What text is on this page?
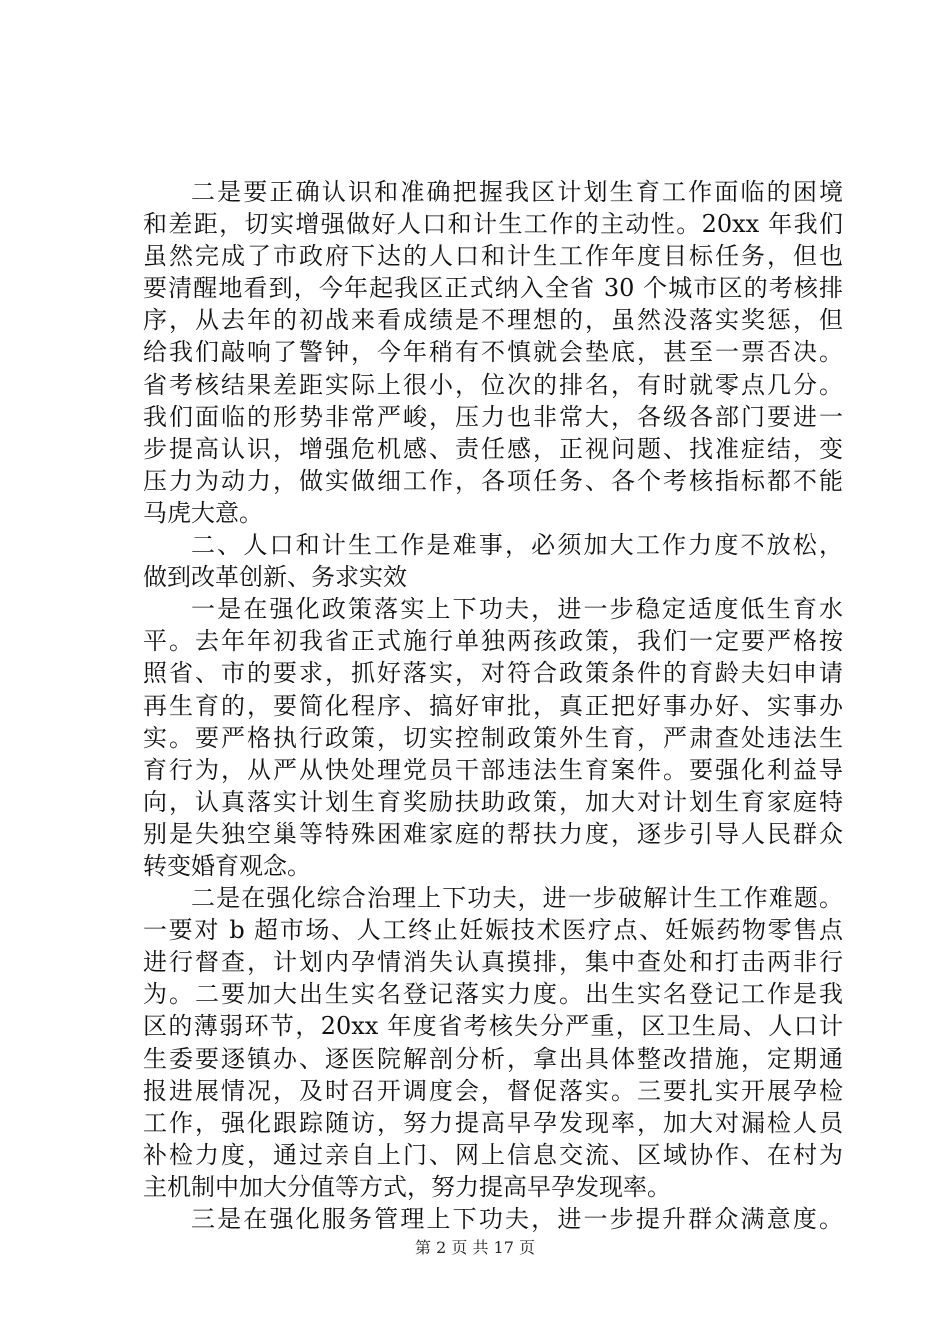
二是要正确认识和准确把握我区计划生育工作面临的困境
和差距，切实增强做好人口和计生工作的主动性。20xx 年我们
虽然完成了市政府下达的人口和计生工作年度目标任务，但也
要清醒地看到，今年起我区正式纳入全省 30 个城市区的考核排
序，从去年的初战来看成绩是不理想的，虽然没落实奖惩，但
给我们敲响了警钟，今年稍有不慎就会垫底，甚至一票否决。
省考核结果差距实际上很小，位次的排名，有时就零点几分。
我们面临的形势非常严峻，压力也非常大，各级各部门要进一
步提高认识，增强危机感、责任感，正视问题、找准症结，变
压力为动力，做实做细工作，各项任务、各个考核指标都不能
马虎大意。
二、人口和计生工作是难事，必须加大工作力度不放松，
做到改革创新、务求实效
一是在强化政策落实上下功夫，进一步稳定适度低生育水
平。去年年初我省正式施行单独两孩政策，我们一定要严格按
照省、市的要求，抓好落实，对符合政策条件的育龄夫妇申请
再生育的，要简化程序、搞好审批，真正把好事办好、实事办
实。要严格执行政策，切实控制政策外生育，严肃查处违法生
育行为，从严从快处理党员干部违法生育案件。要强化利益导
向，认真落实计划生育奖励扶助政策，加大对计划生育家庭特
别是失独空巢等特殊困难家庭的帮扶力度，逐步引导人民群众
转变婚育观念。
二是在强化综合治理上下功夫，进一步破解计生工作难题。
一要对 b 超市场、人工终止妊娠技术医疗点、妊娠药物零售点
进行督查，计划内孕情消失认真摸排，集中查处和打击两非行
为。二要加大出生实名登记落实力度。出生实名登记工作是我
区的薄弱环节，20xx 年度省考核失分严重，区卫生局、人口计
生委要逐镇办、逐医院解剖分析，拿出具体整改措施，定期通
报进展情况，及时召开调度会，督促落实。三要扎实开展孕检
工作，强化跟踪随访，努力提高早孕发现率，加大对漏检人员
补检力度，通过亲自上门、网上信息交流、区域协作、在村为
主机制中加大分值等方式，努力提高早孕发现率。
三是在强化服务管理上下功夫，进一步提升群众满意度。
第 2 页 共 17 页
